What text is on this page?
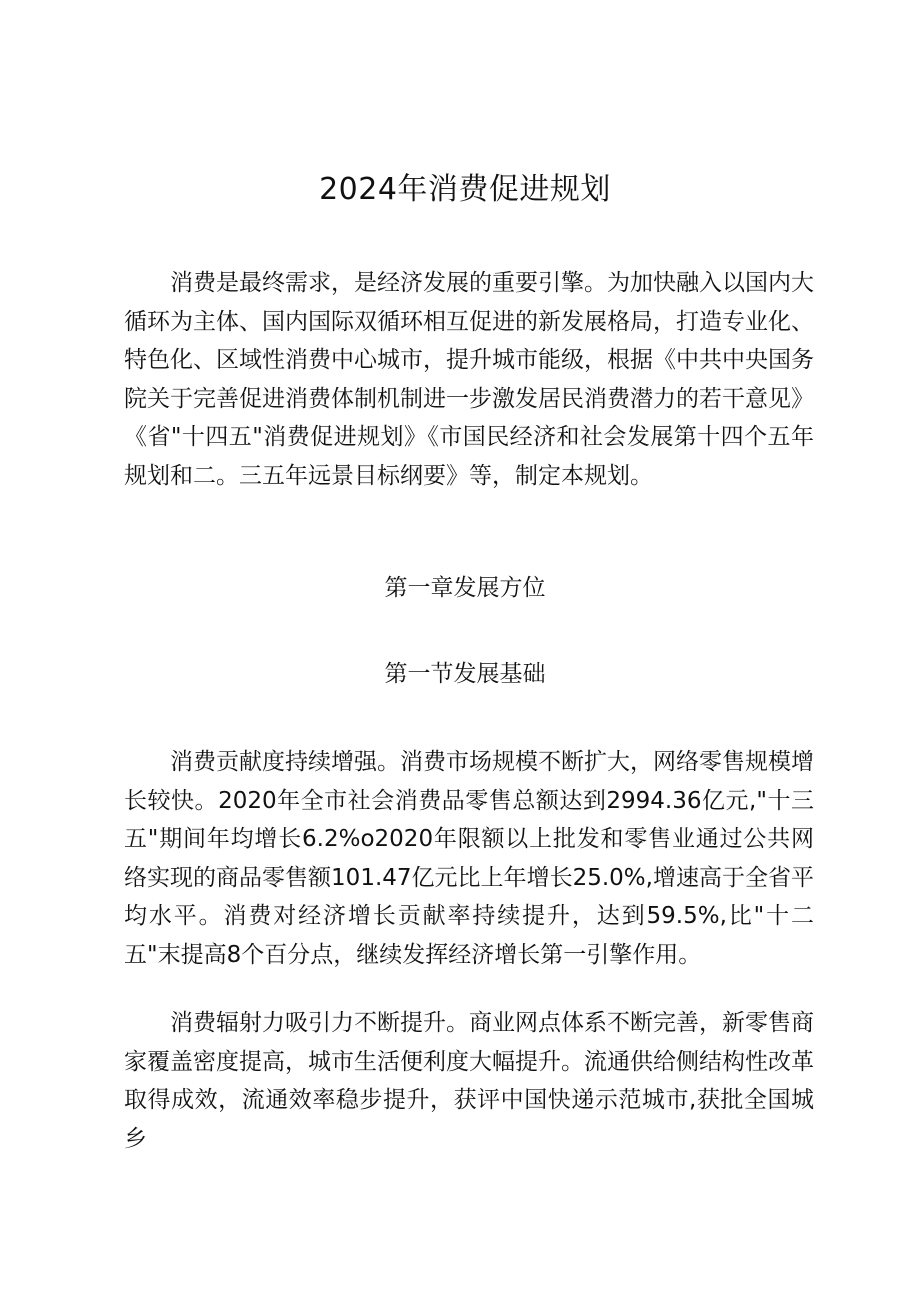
2024年消费促进规划

消费是最终需求，是经济发展的重要引擎。为加快融入以国内大循环为主体、国内国际双循环相互促进的新发展格局，打造专业化、特色化、区域性消费中心城市，提升城市能级，根据《中共中央国务院关于完善促进消费体制机制进一步激发居民消费潜力的若干意见》《省"十四五"消费促进规划》《市国民经济和社会发展第十四个五年规划和二。三五年远景目标纲要》等，制定本规划。

第一章发展方位
第一节发展基础

消费贡献度持续增强。消费市场规模不断扩大，网络零售规模增长较快。2020年全市社会消费品零售总额达到2994.36亿元,"十三五"期间年均增长6.2%o2020年限额以上批发和零售业通过公共网络实现的商品零售额101.47亿元比上年增长25.0%,增速高于全省平均水平。消费对经济增长贡献率持续提升，达到59.5%,比"十二五"末提高8个百分点，继续发挥经济增长第一引擎作用。

消费辐射力吸引力不断提升。商业网点体系不断完善，新零售商家覆盖密度提高，城市生活便利度大幅提升。流通供给侧结构性改革取得成效，流通效率稳步提升，获评中国快递示范城市,获批全国城乡
